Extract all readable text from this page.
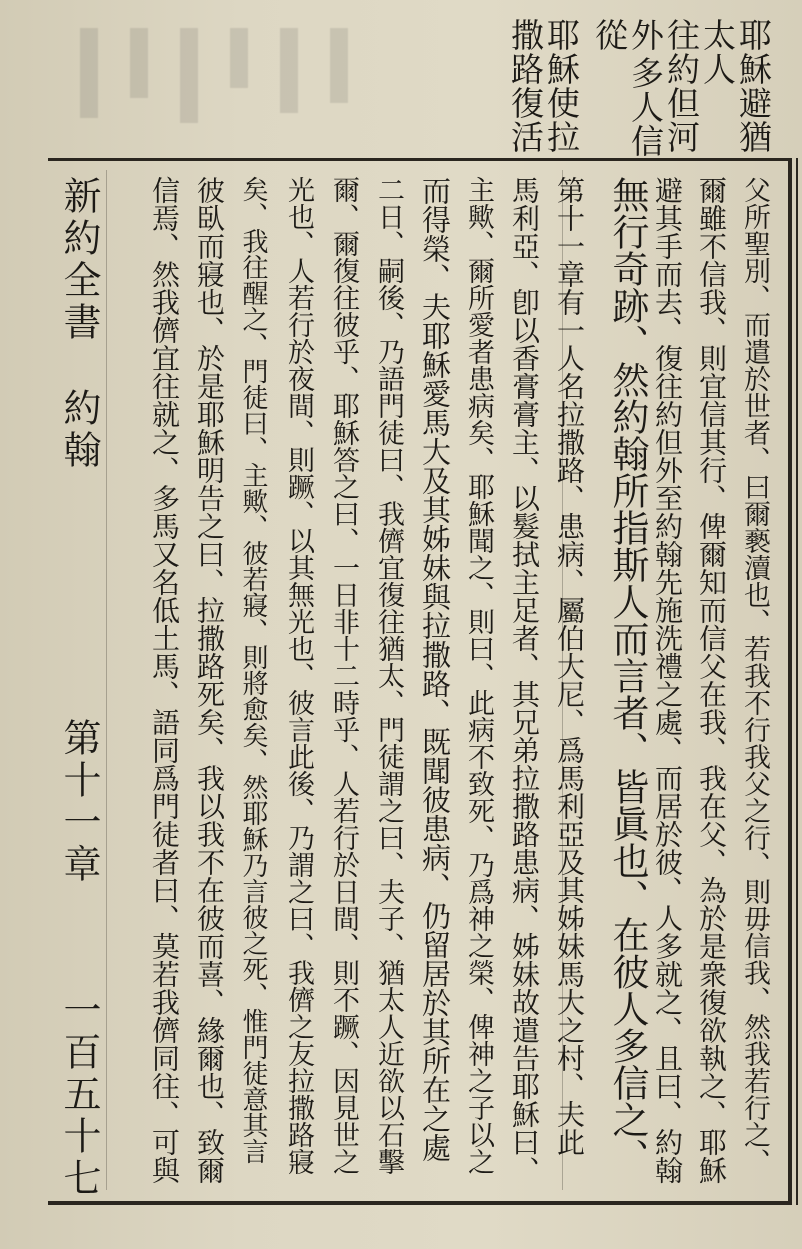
耶穌避猶
太人
往約但河
外
多人信
從
耶穌使拉
撒路復活
新約全書
約翰
第十一章
一百五十七	父所聖別、而遣於世者、曰爾褻瀆也、若我不行我父之行、則毋信我、然我若行之、
爾雖不信我、則宜信其行、俾爾知而信父在我、我在父、為於是衆復欲執之、耶穌
避其手而去、復往約但外至約翰先施洗禮之處、而居於彼、人多就之、且曰、約翰
無行奇跡、然約翰所指斯人而言者、皆眞也、在彼人多信之、
第十一章有一人名拉撒路、患病、屬伯大尼、爲馬利亞及其姊妹馬大之村、夫此
馬利亞、卽以香膏膏主、以髮拭主足者、其兄弟拉撒路患病、姊妹故遣告耶穌曰、
主歟、爾所愛者患病矣、耶穌聞之、則曰、此病不致死、乃爲神之榮、俾神之子以之
而得榮、夫耶穌愛馬大及其姊妹與拉撒路、既聞彼患病、仍留居於其所在之處
二日、嗣後、乃語門徒曰、我儕宜復往猶太、門徒謂之曰、夫子、猶太人近欲以石擊
爾、爾復往彼乎、耶穌答之曰、一日非十二時乎、人若行於日間、則不蹶、因見世之
光也、人若行於夜間、則蹶、以其無光也、彼言此後、乃謂之曰、我儕之友拉撒路寢
矣、我往醒之、門徒曰、主歟、彼若寢、則將愈矣、然耶穌乃言彼之死、惟門徒意其言
彼臥而寢也、於是耶穌明告之曰、拉撒路死矣、我以我不在彼而喜、緣爾也、致爾
信焉、然我儕宜往就之、多馬又名低土馬、語同爲門徒者曰、莫若我儕同往、可與
